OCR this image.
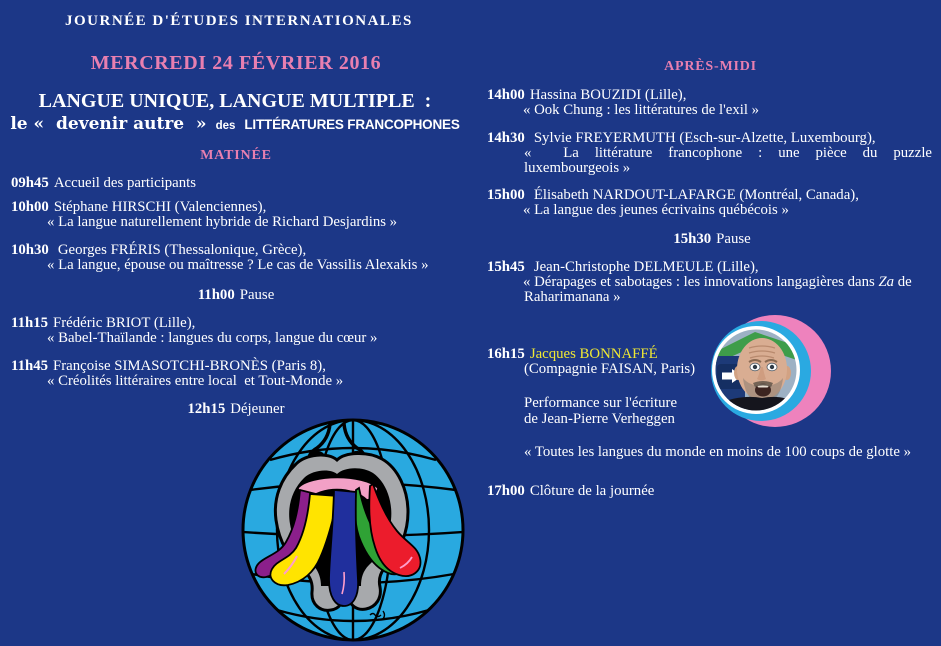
JOURNÉE D'ÉTUDES INTERNATIONALES
MERCREDI 24 FÉVRIER 2016
LANGUE UNIQUE, LANGUE MULTIPLE  :
le «  devenir autre  » des LITTÉRATURES FRANCOPHONES
MATINÉE
09h45 Accueil des participants
10h00 Stéphane HIRSCHI (Valenciennes),
« La langue naturellement hybride de Richard Desjardins »
10h30 Georges FRÉRIS (Thessalonique, Grèce),
« La langue, épouse ou maîtresse ? Le cas de Vassilis Alexakis »
11h00 Pause
11h15 Frédéric BRIOT (Lille),
« Babel-Thaïlande : langues du corps, langue du cœur »
11h45 Françoise SIMASOTCHI-BRONÈS (Paris 8),
« Créolités littéraires entre local  et Tout-Monde »
12h15 Déjeuner
APRÈS-MIDI
14h00 Hassina BOUZIDI (Lille),
« Ook Chung : les littératures de l'exil »
14h30 Sylvie FREYERMUTH (Esch-sur-Alzette, Luxembourg),
«  La littérature francophone : une pièce du puzzle
luxembourgeois »
15h00 Élisabeth NARDOUT-LAFARGE (Montréal, Canada),
« La langue des jeunes écrivains québécois »
15h30 Pause
15h45 Jean-Christophe DELMEULE (Lille),
« Dérapages et sabotages : les innovations langagières dans Za de
Raharimanana »
16h15 Jacques BONNAFFÉ
(Compagnie FAISAN, Paris)
Performance sur l'écriture
de Jean-Pierre Verheggen
« Toutes les langues du monde en moins de 100 coups de glotte »
17h00 Clôture de la journée
